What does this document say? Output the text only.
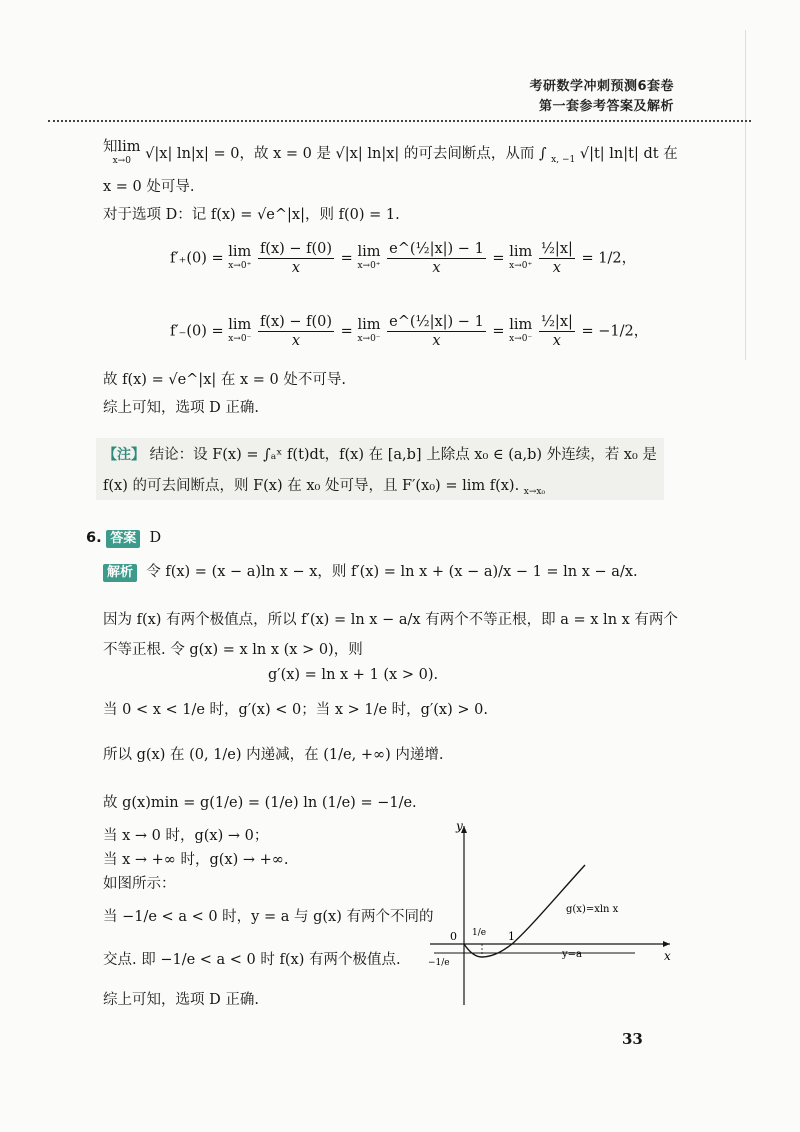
考研数学冲刺预测6套卷
第一套参考答案及解析
知lim
x→0 √|x| ln|x| = 0，故 x = 0 是 √|x| ln|x| 的可去间断点，从而 ∫ $_{x, -1}$ √|t| ln|t| dt 在
x = 0 处可导.
对于选项 D：记 f(x) = √e^|x|，则 f(0) = 1.
f′₊(0) = lim
x→0⁺
$\frac{f(x) - f(0)}{x} = \lim$
x→0⁺
$\frac{\text{e\textasciicircum{}(½|x|) − 1}}{x} = \lim$
x→0⁺
$\frac{\text{½|x|}}{x} = 1/2$，
f′₋(0) = lim
x→0⁻
$\frac{f(x) - f(0)}{x} = \lim$
x→0⁻
$\frac{\text{e\textasciicircum{}(½|x|) − 1}}{x} = \lim$
x→0⁻
$\frac{\text{½|x|}}{x} = -1/2$，
故 f(x) = √e^|x| 在 x = 0 处不可导.
综上可知，选项 D 正确.
【注】 结论：设 F(x) = ∫ₐˣ f(t)dt，f(x) 在 [a,b] 上除点 x₀ ∈ (a,b) 外连续，若 x₀ 是
f(x) 的可去间断点，则 F(x) 在 x₀ 处可导，且 F′(x₀) = lim f(x). $_{x\to x_0}$
6. 答案 D
解析 令 f(x) = (x − a)ln x − x，则 f′(x) = ln x + (x − a)/x − 1 = ln x − a/x.
因为 f(x) 有两个极值点，所以 f′(x) = ln x − a/x 有两个不等正根，即 a = x ln x 有两个
不等正根. 令 g(x) = x ln x (x > 0)，则
g′(x) = ln x + 1 (x > 0).
当 0 < x < 1/e 时，g′(x) < 0；当 x > 1/e 时，g′(x) > 0.
所以 g(x) 在 (0, 1/e) 内递减，在 (1/e, +∞) 内递增.
故 g(x)min = g(1/e) = (1/e) ln (1/e) = −1/e.
当 x → 0 时，g(x) → 0；
当 x → +∞ 时，g(x) → +∞.
如图所示：
当 −1/e < a < 0 时，y = a 与 g(x) 有两个不同的
交点. 即 −1/e < a < 0 时 f(x) 有两个极值点.
综上可知，选项 D 正确.
y
x
0	1
1/e
−1/e
g(x)=xln x
y=a
33
